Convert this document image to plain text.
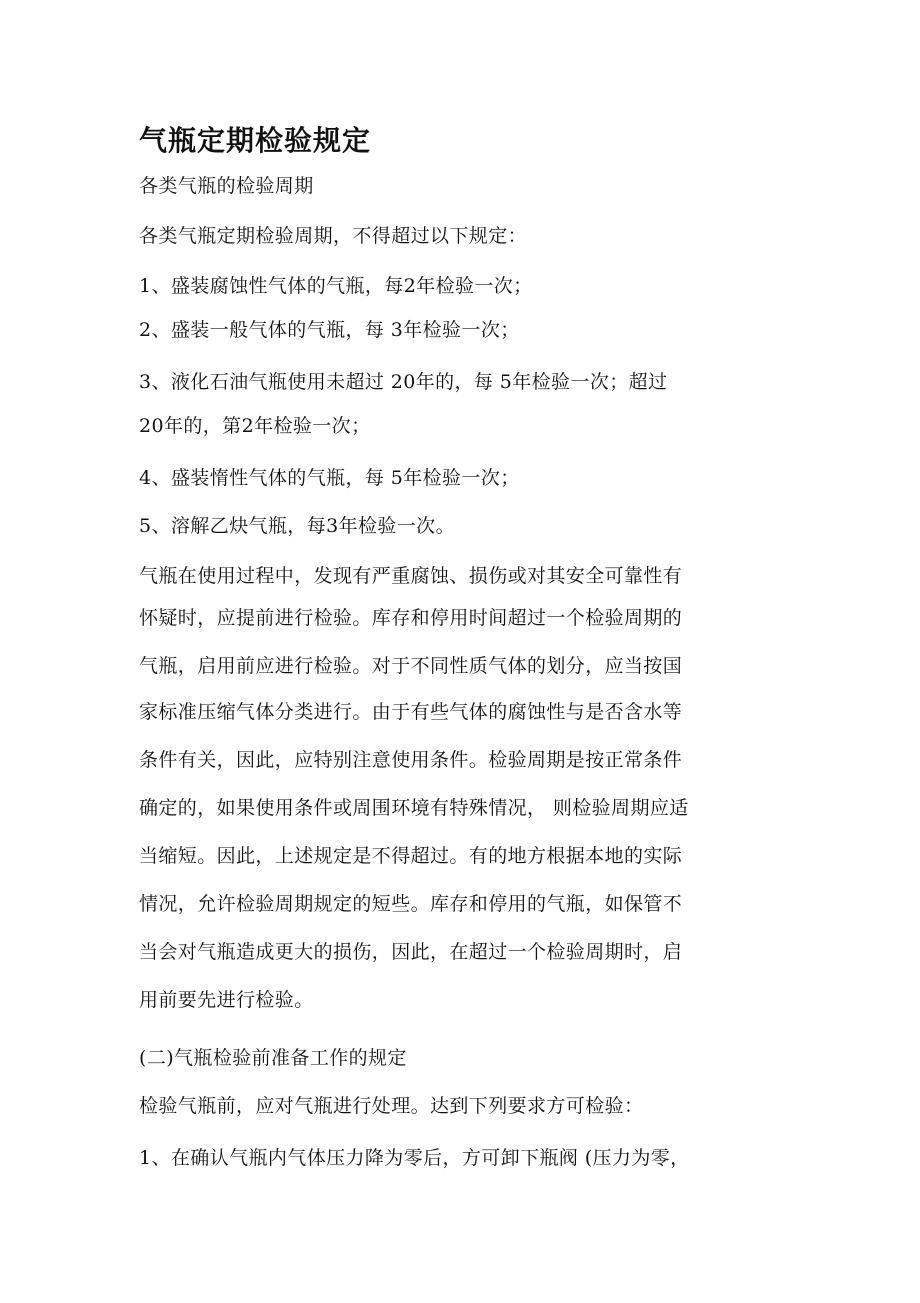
气瓶定期检验规定

各类气瓶的检验周期

各类气瓶定期检验周期，不得超过以下规定：

1、盛装腐蚀性气体的气瓶，每2年检验一次；

2、盛装一般气体的气瓶，每 3年检验一次；

3、液化石油气瓶使用未超过 20年的，每 5年检验一次；超过

20年的，第2年检验一次；

4、盛装惰性气体的气瓶，每 5年检验一次；

5、溶解乙炔气瓶，每3年检验一次。

气瓶在使用过程中，发现有严重腐蚀、损伤或对其安全可靠性有

怀疑时，应提前进行检验。库存和停用时间超过一个检验周期的

气瓶，启用前应进行检验。对于不同性质气体的划分，应当按国

家标准压缩气体分类进行。由于有些气体的腐蚀性与是否含水等

条件有关，因此，应特别注意使用条件。检验周期是按正常条件

确定的，如果使用条件或周围环境有特殊情况， 则检验周期应适

当缩短。因此，上述规定是不得超过。有的地方根据本地的实际

情况，允许检验周期规定的短些。库存和停用的气瓶，如保管不

当会对气瓶造成更大的损伤，因此，在超过一个检验周期时，启

用前要先进行检验。

(二)气瓶检验前准备工作的规定

检验气瓶前，应对气瓶进行处理。达到下列要求方可检验：

1、在确认气瓶内气体压力降为零后，方可卸下瓶阀 (压力为零，
